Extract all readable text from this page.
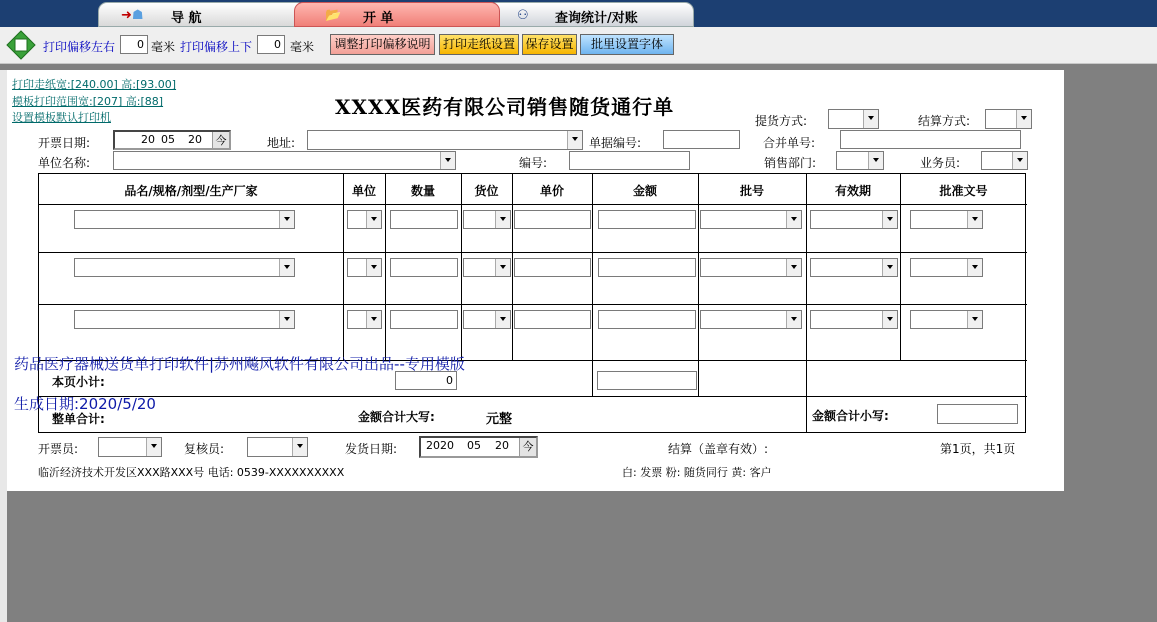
➜☗ 导 航	⚇ 查询统计/对账
📂 开 单
打印偏移左右	0 毫米 打印偏移上下	0 毫米	调整打印偏移说明	打印走纸设置 保存设置	批里设置字体
打印走纸宽:[240.00] 高:[93.00]
模板打印范围宽:[207] 高:[88]
设置模板默认打印机	XXXX医药有限公司销售随货通行单
提货方式:	结算方式:
开票日期:	20 05 20	今	地址:	单据编号:	合并单号:
单位名称:	编号:	销售部门:	业务员:
品名/规格/剂型/生产厂家	单位	数量	货位	单价	金额	批号	有效期	批准文号
本页小计:	0
整单合计:	金额合计大写:	元整	金额合计小写:
药品医疗器械送货单打印软件|苏州飚风软件有限公司出品--专用模版
生成日期:2020/5/20
开票员:	复核员:	发货日期:	2020 05 20	今	结算（盖章有效）:	第1页，共1页
临沂经济技术开发区XXX路XXX号 电话: 0539-XXXXXXXXXX	白: 发票 粉: 随货同行 黄: 客户
